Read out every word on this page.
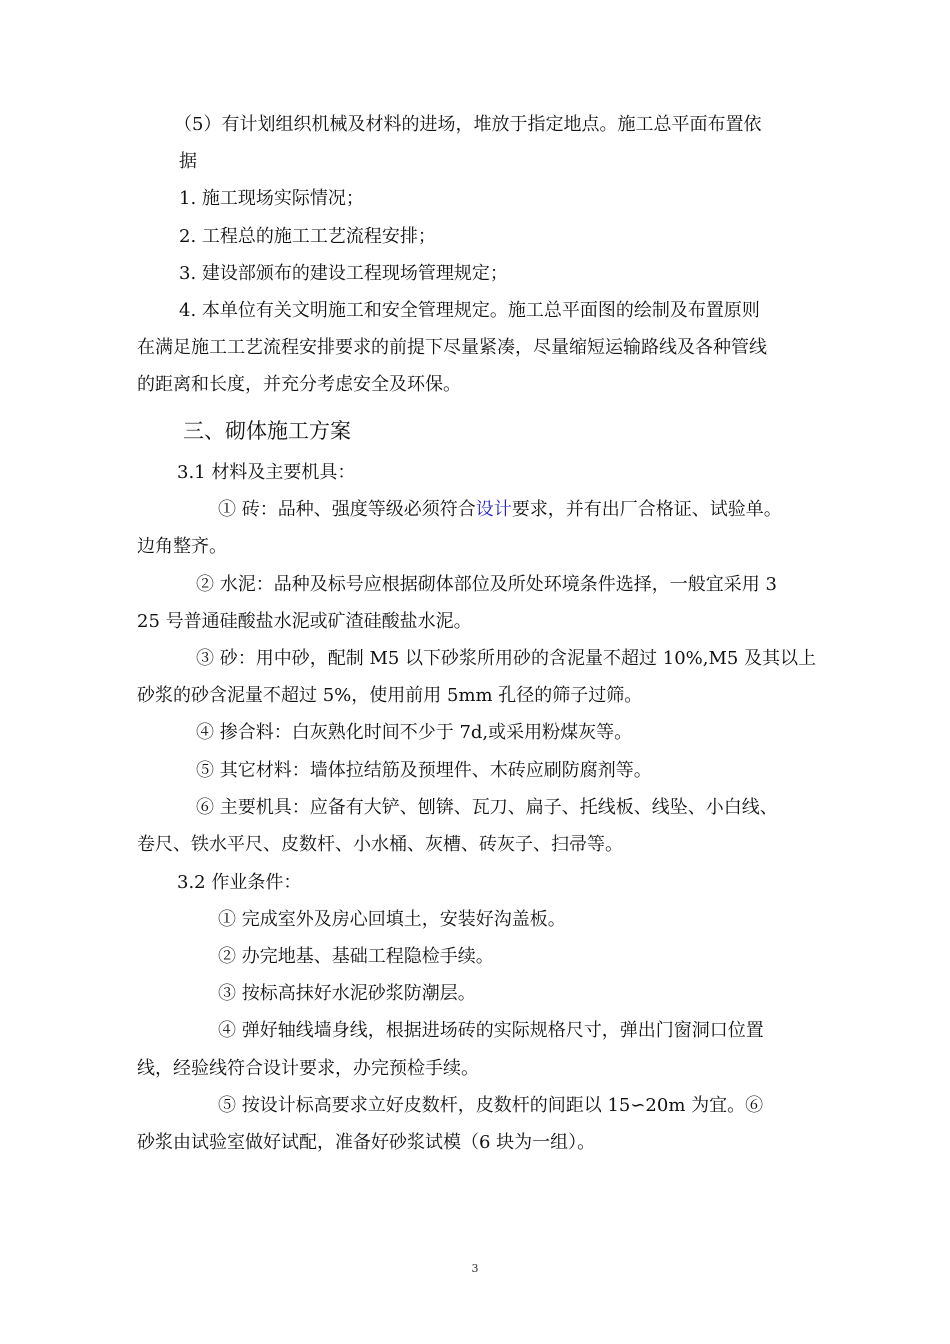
（5）有计划组织机械及材料的进场，堆放于指定地点。施工总平面布置依
据
1. 施工现场实际情况；
2. 工程总的施工工艺流程安排；
3. 建设部颁布的建设工程现场管理规定；
4. 本单位有关文明施工和安全管理规定。施工总平面图的绘制及布置原则
在满足施工工艺流程安排要求的前提下尽量紧凑，尽量缩短运输路线及各种管线
的距离和长度，并充分考虑安全及环保。
三、砌体施工方案
3.1 材料及主要机具：
① 砖：品种、强度等级必须符合设计要求，并有出厂合格证、试验单。
边角整齐。
② 水泥：品种及标号应根据砌体部位及所处环境条件选择，一般宜采用 3
25 号普通硅酸盐水泥或矿渣硅酸盐水泥。
③ 砂：用中砂，配制 M5 以下砂浆所用砂的含泥量不超过 10%,M5 及其以上
砂浆的砂含泥量不超过 5%，使用前用 5mm 孔径的筛子过筛。
④ 掺合料：白灰熟化时间不少于 7d,或采用粉煤灰等。
⑤ 其它材料：墙体拉结筋及预埋件、木砖应刷防腐剂等。
⑥ 主要机具：应备有大铲、刨锛、瓦刀、扁子、托线板、线坠、小白线、
卷尺、铁水平尺、皮数杆、小水桶、灰槽、砖灰子、扫帚等。
3.2 作业条件：
① 完成室外及房心回填土，安装好沟盖板。
② 办完地基、基础工程隐检手续。
③ 按标高抹好水泥砂浆防潮层。
④ 弹好轴线墙身线，根据进场砖的实际规格尺寸，弹出门窗洞口位置
线，经验线符合设计要求，办完预检手续。
⑤ 按设计标高要求立好皮数杆，皮数杆的间距以 15∽20m 为宜。⑥
砂浆由试验室做好试配，准备好砂浆试模（6 块为一组）。
3
